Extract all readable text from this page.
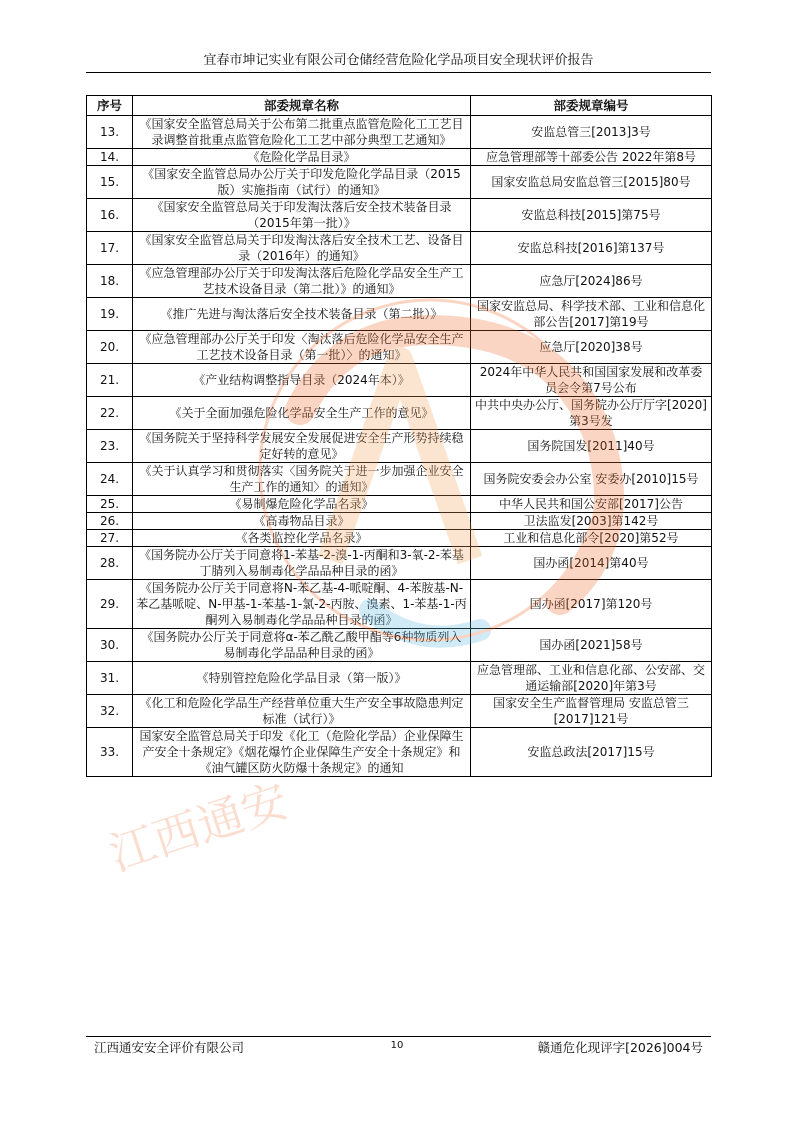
宜春市坤记实业有限公司仓储经营危险化学品项目安全现状评价报告
序号	部委规章名称	部委规章编号
13.	《国家安全监管总局关于公布第二批重点监管危险化工工艺目录调整首批重点监管危险化工工艺中部分典型工艺通知》	安监总管三[2013]3号
14.	《危险化学品目录》	应急管理部等十部委公告 2022年第8号
15.	《国家安全监管总局办公厅关于印发危险化学品目录（2015版）实施指南（试行）的通知》	国家安监总局安监总管三[2015]80号
16.	《国家安全监管总局关于印发淘汰落后安全技术装备目录（2015年第一批）》	安监总科技[2015]第75号
17.	《国家安全监管总局关于印发淘汰落后安全技术工艺、设备目录（2016年）的通知》	安监总科技[2016]第137号
18.	《应急管理部办公厅关于印发淘汰落后危险化学品安全生产工艺技术设备目录（第二批）》的通知》	应急厅[2024]86号
19.	《推广先进与淘汰落后安全技术装备目录（第二批）》	国家安监总局、科学技术部、工业和信息化部公告[2017]第19号
20.	《应急管理部办公厅关于印发〈淘汰落后危险化学品安全生产工艺技术设备目录（第一批）〉的通知》	应急厅[2020]38号
21.	《产业结构调整指导目录（2024年本）》	2024年中华人民共和国国家发展和改革委员会令第7号公布
22.	《关于全面加强危险化学品安全生产工作的意见》	中共中央办公厅、国务院办公厅厅字[2020]第3号发
23.	《国务院关于坚持科学发展安全发展促进安全生产形势持续稳定好转的意见》	国务院国发[2011]40号
24.	《关于认真学习和贯彻落实〈国务院关于进一步加强企业安全生产工作的通知〉的通知》	国务院安委会办公室 安委办[2010]15号
25.	《易制爆危险化学品名录》	中华人民共和国公安部[2017]公告
26.	《高毒物品目录》	卫法监发[2003]第142号
27.	《各类监控化学品名录》	工业和信息化部令[2020]第52号
28.	《国务院办公厅关于同意将1-苯基-2-溴-1-丙酮和3-氧-2-苯基丁腈列入易制毒化学品品种目录的函》	国办函[2014]第40号
29.	《国务院办公厅关于同意将N-苯乙基-4-哌啶酮、4-苯胺基-N-苯乙基哌啶、N-甲基-1-苯基-1-氯-2-丙胺、溴素、1-苯基-1-丙酮列入易制毒化学品品种目录的函》	国办函[2017]第120号
30.	《国务院办公厅关于同意将α-苯乙酰乙酸甲酯等6种物质列入易制毒化学品品种目录的函》	国办函[2021]58号
31.	《特别管控危险化学品目录（第一版）》	应急管理部、工业和信息化部、公安部、交通运输部[2020]年第3号
32.	《化工和危险化学品生产经营单位重大生产安全事故隐患判定标准（试行）》	国家安全生产监督管理局 安监总管三[2017]121号
33.	国家安全监管总局关于印发《化工（危险化学品）企业保障生产安全十条规定》《烟花爆竹企业保障生产安全十条规定》和《油气罐区防火防爆十条规定》的通知	安监总政法[2017]15号
江西通安
江西通安安全评价有限公司	10	赣通危化现评字[2026]004号
